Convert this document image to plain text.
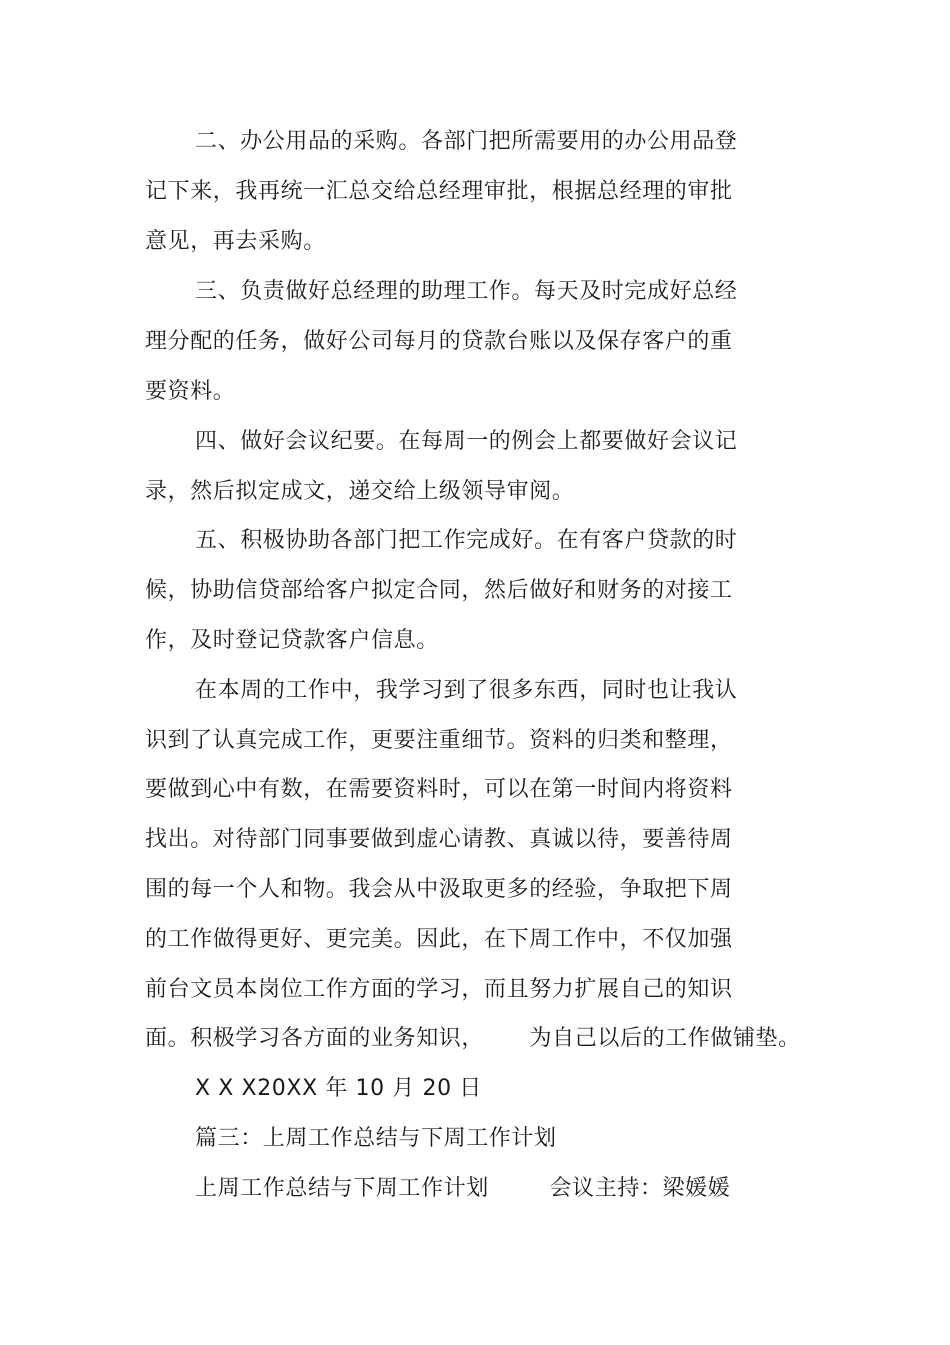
二、办公用品的采购。各部门把所需要用的办公用品登
记下来，我再统一汇总交给总经理审批，根据总经理的审批
意见，再去采购。
三、负责做好总经理的助理工作。每天及时完成好总经
理分配的任务，做好公司每月的贷款台账以及保存客户的重
要资料。
四、做好会议纪要。在每周一的例会上都要做好会议记
录，然后拟定成文，递交给上级领导审阅。
五、积极协助各部门把工作完成好。在有客户贷款的时
候，协助信贷部给客户拟定合同，然后做好和财务的对接工
作，及时登记贷款客户信息。
在本周的工作中，我学习到了很多东西，同时也让我认
识到了认真完成工作，更要注重细节。资料的归类和整理，
要做到心中有数，在需要资料时，可以在第一时间内将资料
找出。对待部门同事要做到虚心请教、真诚以待，要善待周
围的每一个人和物。我会从中汲取更多的经验，争取把下周
的工作做得更好、更完美。因此，在下周工作中，不仅加强
前台文员本岗位工作方面的学习，而且努力扩展自己的知识
面。积极学习各方面的业务知识，      为自己以后的工作做铺垫。
X X X20XX 年 10 月 20 日
篇三：上周工作总结与下周工作计划
上周工作总结与下周工作计划        会议主持：梁媛媛
